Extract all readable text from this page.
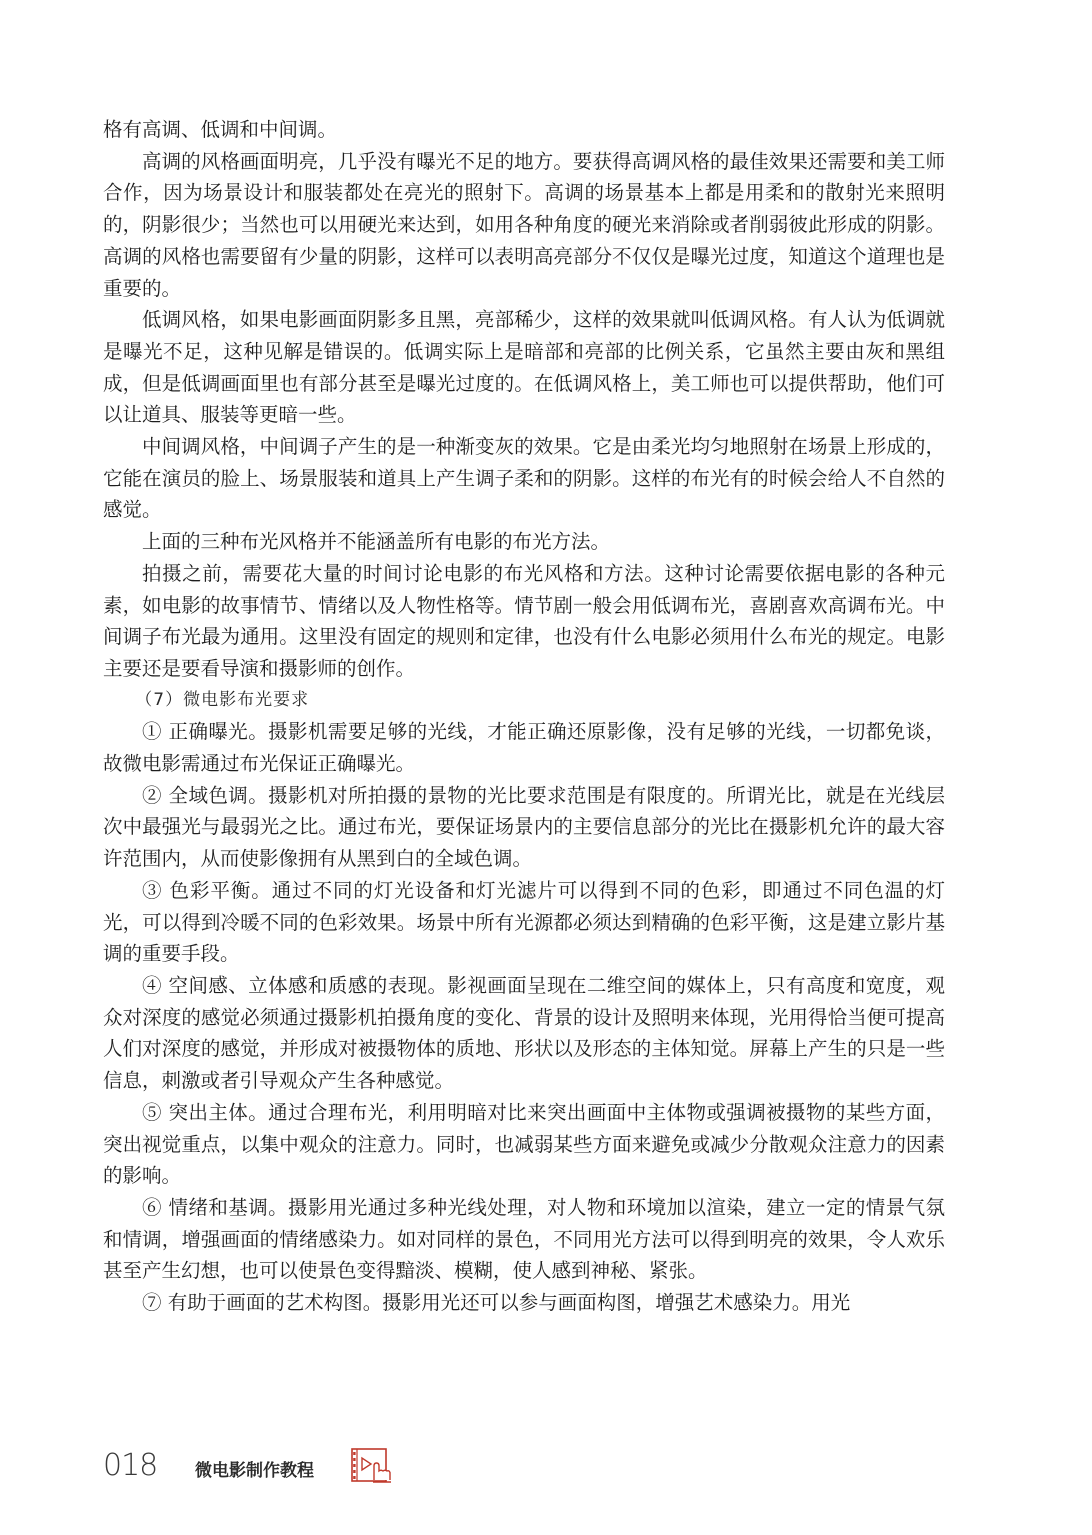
格有高调、低调和中间调。

高调的风格画面明亮，几乎没有曝光不足的地方。要获得高调风格的最佳效果还需要和美工师合作，因为场景设计和服装都处在亮光的照射下。高调的场景基本上都是用柔和的散射光来照明的，阴影很少；当然也可以用硬光来达到，如用各种角度的硬光来消除或者削弱彼此形成的阴影。高调的风格也需要留有少量的阴影，这样可以表明高亮部分不仅仅是曝光过度，知道这个道理也是重要的。

低调风格，如果电影画面阴影多且黑，亮部稀少，这样的效果就叫低调风格。有人认为低调就是曝光不足，这种见解是错误的。低调实际上是暗部和亮部的比例关系，它虽然主要由灰和黑组成，但是低调画面里也有部分甚至是曝光过度的。在低调风格上，美工师也可以提供帮助，他们可以让道具、服装等更暗一些。

中间调风格，中间调子产生的是一种渐变灰的效果。它是由柔光均匀地照射在场景上形成的，它能在演员的脸上、场景服装和道具上产生调子柔和的阴影。这样的布光有的时候会给人不自然的感觉。

上面的三种布光风格并不能涵盖所有电影的布光方法。

拍摄之前，需要花大量的时间讨论电影的布光风格和方法。这种讨论需要依据电影的各种元素，如电影的故事情节、情绪以及人物性格等。情节剧一般会用低调布光，喜剧喜欢高调布光。中间调子布光最为通用。这里没有固定的规则和定律，也没有什么电影必须用什么布光的规定。电影主要还是要看导演和摄影师的创作。

（7）微电影布光要求

① 正确曝光。摄影机需要足够的光线，才能正确还原影像，没有足够的光线，一切都免谈，故微电影需通过布光保证正确曝光。

② 全域色调。摄影机对所拍摄的景物的光比要求范围是有限度的。所谓光比，就是在光线层次中最强光与最弱光之比。通过布光，要保证场景内的主要信息部分的光比在摄影机允许的最大容许范围内，从而使影像拥有从黑到白的全域色调。

③ 色彩平衡。通过不同的灯光设备和灯光滤片可以得到不同的色彩，即通过不同色温的灯光，可以得到冷暖不同的色彩效果。场景中所有光源都必须达到精确的色彩平衡，这是建立影片基调的重要手段。

④ 空间感、立体感和质感的表现。影视画面呈现在二维空间的媒体上，只有高度和宽度，观众对深度的感觉必须通过摄影机拍摄角度的变化、背景的设计及照明来体现，光用得恰当便可提高人们对深度的感觉，并形成对被摄物体的质地、形状以及形态的主体知觉。屏幕上产生的只是一些信息，刺激或者引导观众产生各种感觉。

⑤ 突出主体。通过合理布光，利用明暗对比来突出画面中主体物或强调被摄物的某些方面，突出视觉重点，以集中观众的注意力。同时，也减弱某些方面来避免或减少分散观众注意力的因素的影响。

⑥ 情绪和基调。摄影用光通过多种光线处理，对人物和环境加以渲染，建立一定的情景气氛和情调，增强画面的情绪感染力。如对同样的景色，不同用光方法可以得到明亮的效果，令人欢乐甚至产生幻想，也可以使景色变得黯淡、模糊，使人感到神秘、紧张。

⑦ 有助于画面的艺术构图。摄影用光还可以参与画面构图，增强艺术感染力。用光

018 微电影制作教程
